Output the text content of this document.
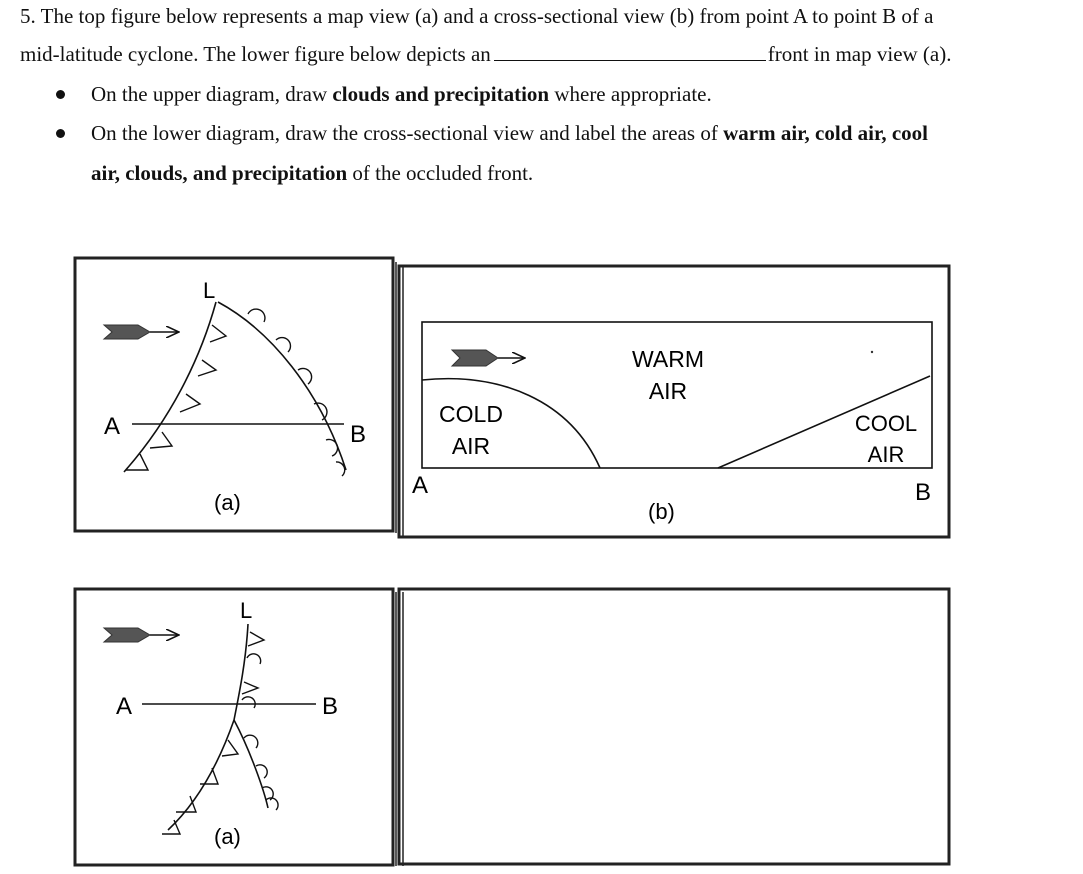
5. The top figure below represents a map view (a) and a cross-sectional view (b) from point A to point B of a
mid-latitude cyclone. The lower figure below depicts an	front in map view (a).
On the upper diagram, draw clouds and precipitation where appropriate.
On the lower diagram, draw the cross-sectional view and label the areas of warm air, cold air, cool
air, clouds, and precipitation of the occluded front.
L
A	B
(a)
WARM
AIR
COLD
AIR
COOL
AIR
A	B
(b)
L
A	B
(a)
